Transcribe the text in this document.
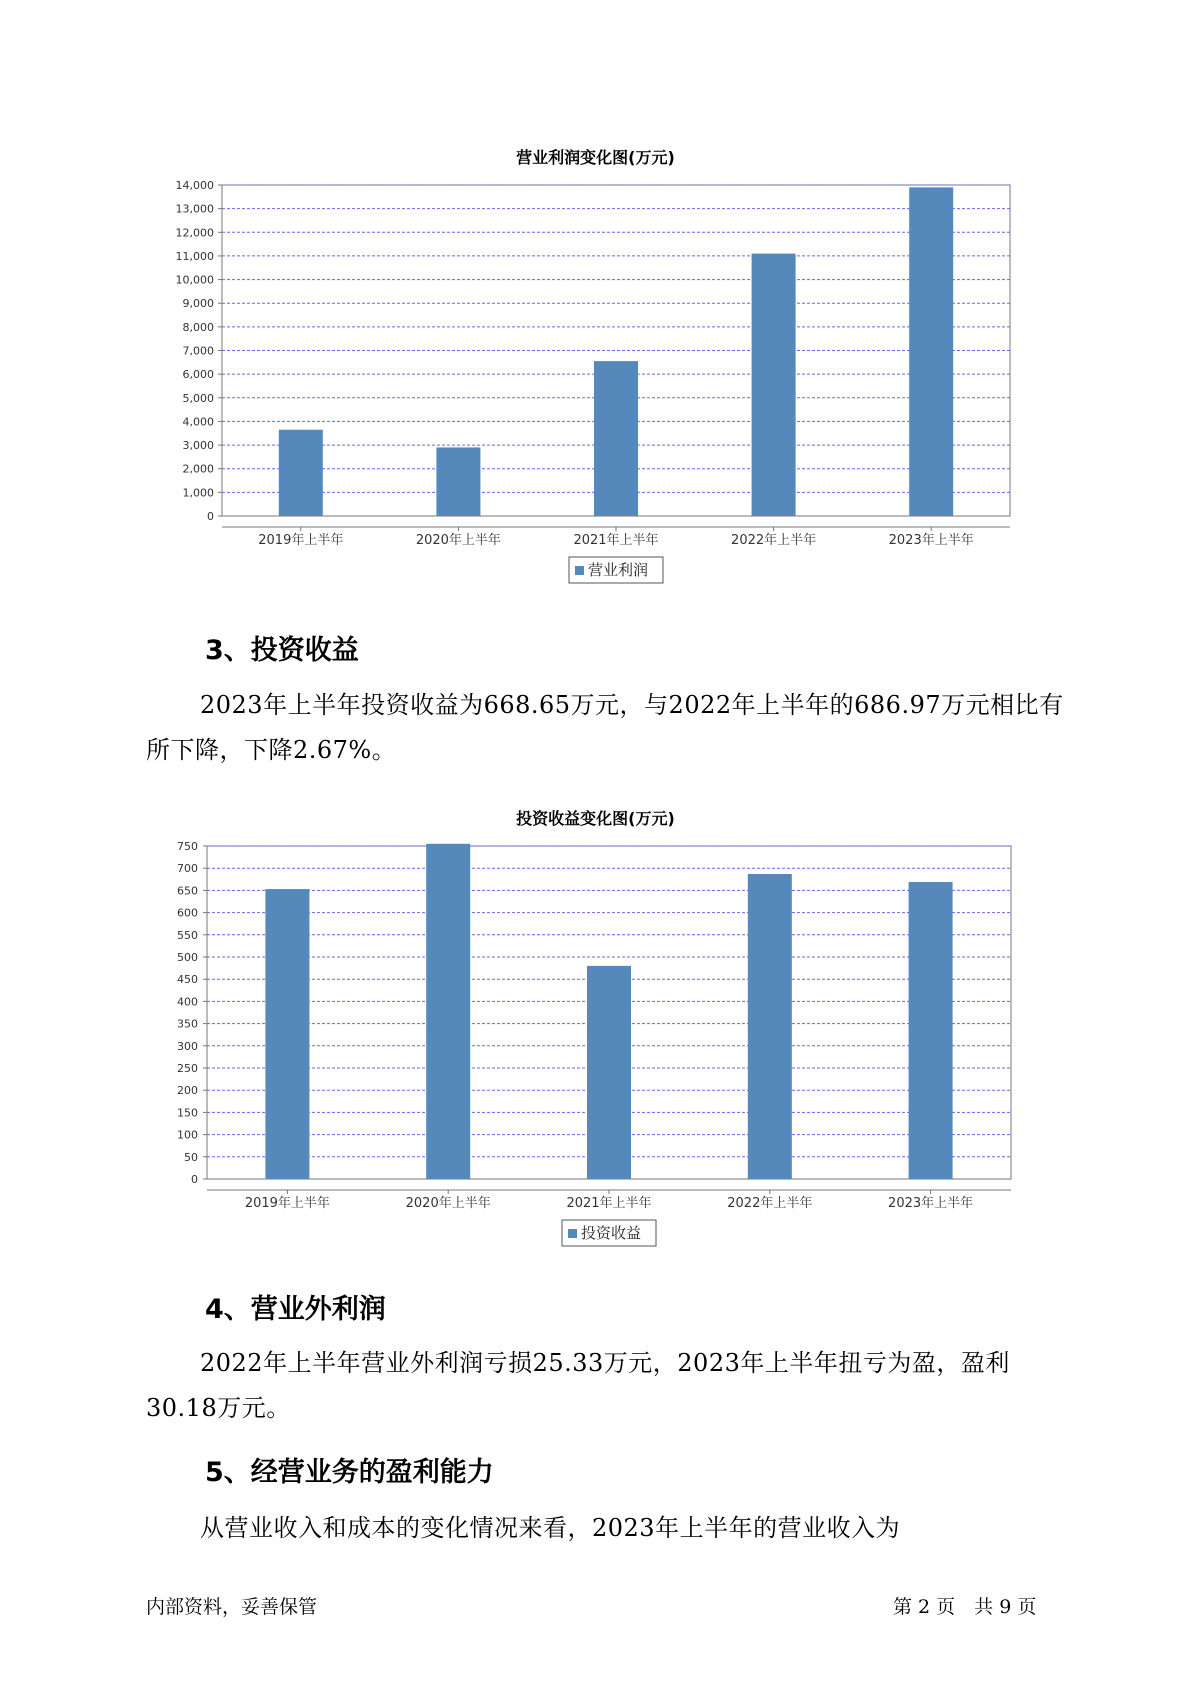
营业利润变化图(万元)
0
1,000
2,000
3,000
4,000
5,000
6,000
7,000
8,000
9,000
10,000
11,000
12,000
13,000
14,000
2019年上半年	2020年上半年	2021年上半年	2022年上半年	2023年上半年
营业利润
3、投资收益

2023年上半年投资收益为668.65万元，与2022年上半年的686.97万元相比有所下降，下降2.67%。

投资收益变化图(万元)
0
50
100
150
200
250
300
350
400
450
500
550
600
650
700
750
2019年上半年	2020年上半年	2021年上半年	2022年上半年	2023年上半年
投资收益
4、营业外利润

2022年上半年营业外利润亏损25.33万元，2023年上半年扭亏为盈，盈利30.18万元。

5、经营业务的盈利能力

从营业收入和成本的变化情况来看，2023年上半年的营业收入为

内部资料，妥善保管	第 2 页　共 9 页
